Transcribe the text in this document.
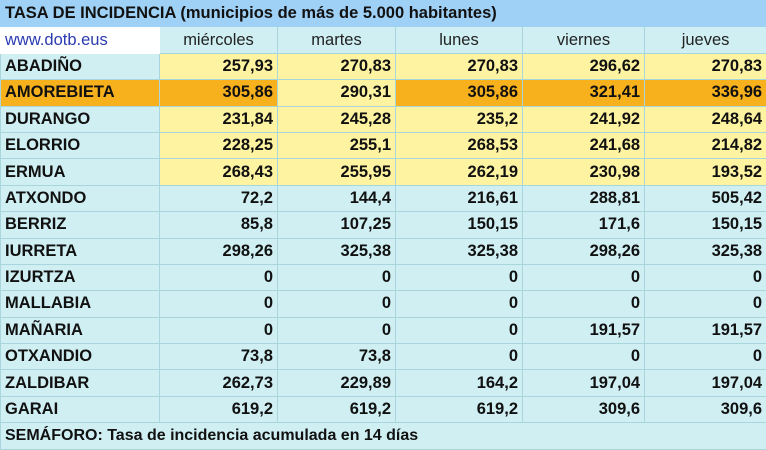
TASA DE INCIDENCIA (municipios de más de 5.000 habitantes)					
www.dotb.eus	miércoles	martes	lunes	viernes	jueves
ABADIÑO	257,93	270,83	270,83	296,62	270,83
AMOREBIETA	305,86	290,31	305,86	321,41	336,96
DURANGO	231,84	245,28	235,2	241,92	248,64
ELORRIO	228,25	255,1	268,53	241,68	214,82
ERMUA	268,43	255,95	262,19	230,98	193,52
ATXONDO	72,2	144,4	216,61	288,81	505,42
BERRIZ	85,8	107,25	150,15	171,6	150,15
IURRETA	298,26	325,38	325,38	298,26	325,38
IZURTZA	0	0	0	0	0
MALLABIA	0	0	0	0	0
MAÑARIA	0	0	0	191,57	191,57
OTXANDIO	73,8	73,8	0	0	0
ZALDIBAR	262,73	229,89	164,2	197,04	197,04
GARAI	619,2	619,2	619,2	309,6	309,6
SEMÁFORO: Tasa de incidencia acumulada en 14 días					
